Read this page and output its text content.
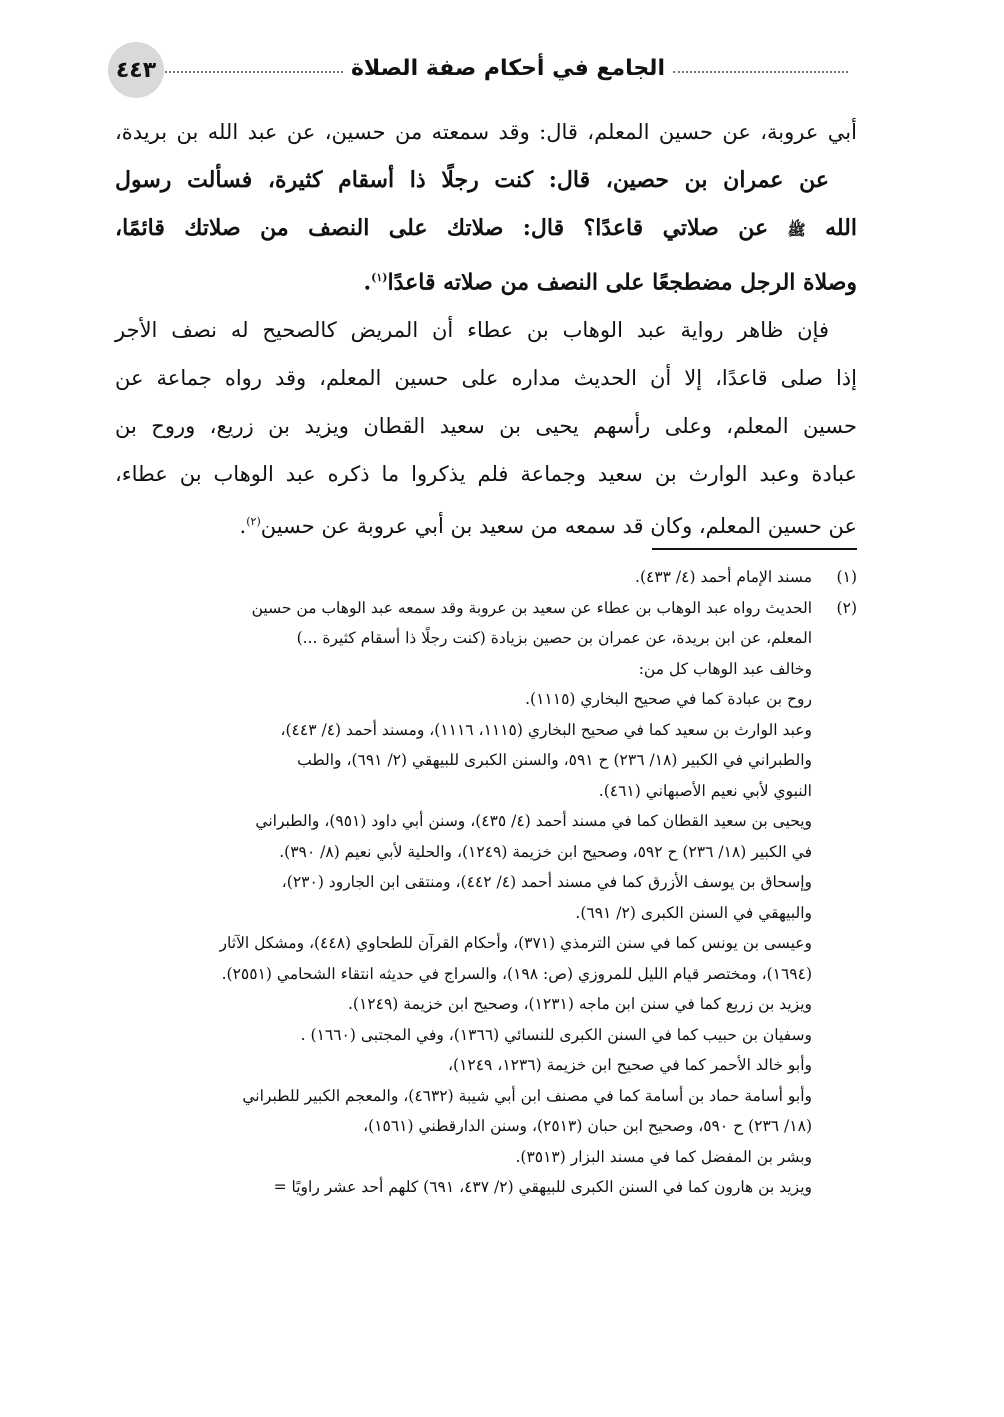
الجامع في أحكام صفة الصلاة
٤٤٣

أبي عروبة، عن حسين المعلم، قال: وقد سمعته من حسين، عن عبد الله بن بريدة،
عن عمران بن حصين، قال: كنت رجلًا ذا أسقام كثيرة، فسألت رسول
الله ﷺ عن صلاتي قاعدًا؟ قال: صلاتك على النصف من صلاتك قائمًا،
وصلاة الرجل مضطجعًا على النصف من صلاته قاعدًا$^{(١)}$.

فإن ظاهر رواية عبد الوهاب بن عطاء أن المريض كالصحيح له نصف الأجر
إذا صلى قاعدًا، إلا أن الحديث مداره على حسين المعلم، وقد رواه جماعة عن
حسين المعلم، وعلى رأسهم يحيى بن سعيد القطان ويزيد بن زريع، وروح بن
عبادة وعبد الوارث بن سعيد وجماعة فلم يذكروا ما ذكره عبد الوهاب بن عطاء،
عن حسين المعلم، وكان قد سمعه من سعيد بن أبي عروبة عن حسين$^{(٢)}$.

(١)
مسند الإمام أحمد (٤/ ٤٣٣).
(٢)
الحديث رواه عبد الوهاب بن عطاء عن سعيد بن عروبة وقد سمعه عبد الوهاب من حسين
المعلم، عن ابن بريدة، عن عمران بن حصين بزيادة (كنت رجلًا ذا أسقام كثيرة ...)
وخالف عبد الوهاب كل من:
روح بن عبادة كما في صحيح البخاري (١١١٥).
وعبد الوارث بن سعيد كما في صحيح البخاري (١١١٥، ١١١٦)، ومسند أحمد (٤/ ٤٤٣)،
والطبراني في الكبير (١٨/ ٢٣٦) ح ٥٩١، والسنن الكبرى للبيهقي (٢/ ٦٩١)، والطب
النبوي لأبي نعيم الأصبهاني (٤٦١).
ويحيى بن سعيد القطان كما في مسند أحمد (٤/ ٤٣٥)، وسنن أبي داود (٩٥١)، والطبراني
في الكبير (١٨/ ٢٣٦) ح ٥٩٢، وصحيح ابن خزيمة (١٢٤٩)، والحلية لأبي نعيم (٨/ ٣٩٠).
وإسحاق بن يوسف الأزرق كما في مسند أحمد (٤/ ٤٤٢)، ومنتقى ابن الجارود (٢٣٠)،
والبيهقي في السنن الكبرى (٢/ ٦٩١).
وعيسى بن يونس كما في سنن الترمذي (٣٧١)، وأحكام القرآن للطحاوي (٤٤٨)، ومشكل الآثار
(١٦٩٤)، ومختصر قيام الليل للمروزي (ص: ١٩٨)، والسراج في حديثه انتقاء الشحامي (٢٥٥١).
ويزيد بن زريع كما في سنن ابن ماجه (١٢٣١)، وصحيح ابن خزيمة (١٢٤٩).
وسفيان بن حبيب كما في السنن الكبرى للنسائي (١٣٦٦)، وفي المجتبى (١٦٦٠) .
وأبو خالد الأحمر كما في صحيح ابن خزيمة (١٢٣٦، ١٢٤٩)،
وأبو أسامة حماد بن أسامة كما في مصنف ابن أبي شيبة (٤٦٣٢)، والمعجم الكبير للطبراني
(١٨/ ٢٣٦) ح ٥٩٠، وصحيح ابن حبان (٢٥١٣)، وسنن الدارقطني (١٥٦١)،
وبشر بن المفضل كما في مسند البزار (٣٥١٣).
ويزيد بن هارون كما في السنن الكبرى للبيهقي (٢/ ٤٣٧، ٦٩١) كلهم أحد عشر راويًا =
